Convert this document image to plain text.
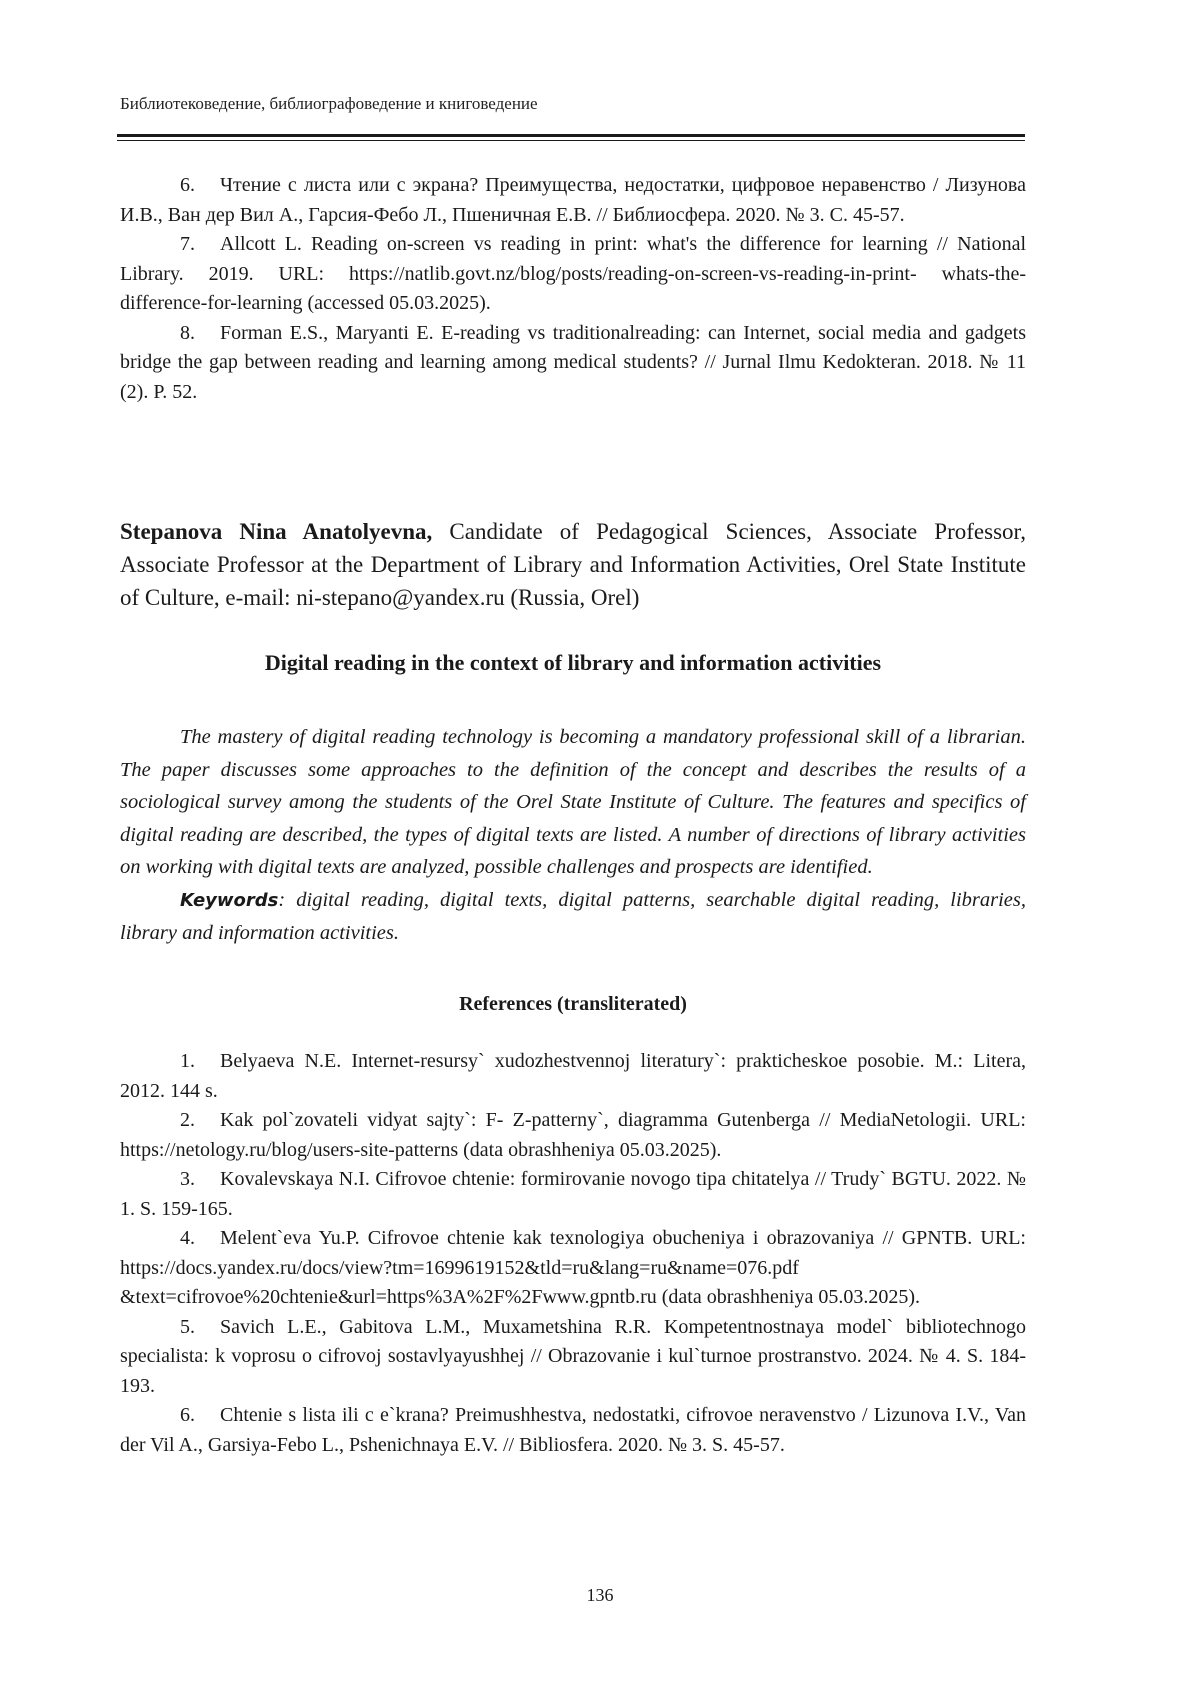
Библиотековедение, библиографоведение и книговедение

6. Чтение с листа или с экрана? Преимущества, недостатки, цифровое неравенство / Лизунова И.В., Ван дер Вил А., Гарсия-Фебо Л., Пшеничная Е.В. // Библиосфера. 2020. № 3. С. 45-57.

7. Allcott L. Reading on-screen vs reading in print: what's the difference for learning // National Library. 2019. URL: https://natlib.govt.nz/blog/posts/reading-on-screen-vs-reading-in-print- whats-the-difference-for-learning (accessed 05.03.2025).

8. Forman E.S., Maryanti E. E-reading vs traditionalreading: can Internet, social media and gadgets bridge the gap between reading and learning among medical students? // Jurnal Ilmu Kedokteran. 2018. № 11 (2). P. 52.

Stepanova Nina Anatolyevna, Candidate of Pedagogical Sciences, Associate Professor, Associate Professor at the Department of Library and Information Activities, Orel State Institute of Culture, e-mail: ni-stepano@yandex.ru (Russia, Orel)
Digital reading in the context of library and information activities

The mastery of digital reading technology is becoming a mandatory professional skill of a librarian. The paper discusses some approaches to the definition of the concept and describes the results of a sociological survey among the students of the Orel State Institute of Culture. The features and specifics of digital reading are described, the types of digital texts are listed. A number of directions of library activities on working with digital texts are analyzed, possible challenges and prospects are identified.

Keywords: digital reading, digital texts, digital patterns, searchable digital reading, libraries, library and information activities.

References (transliterated)

1. Belyaeva N.E. Internet-resursy` xudozhestvennoj literatury`: prakticheskoe posobie. M.: Litera, 2012. 144 s.

2. Kak pol`zovateli vidyat sajty`: F- Z-patterny`, diagramma Gutenberga // MediaNetologii. URL: https://netology.ru/blog/users-site-patterns (data obrashheniya 05.03.2025).

3. Kovalevskaya N.I. Cifrovoe chtenie: formirovanie novogo tipa chitatelya // Trudy` BGTU. 2022. № 1. S. 159-165.

4. Melent`eva Yu.P. Cifrovoe chtenie kak texnologiya obucheniya i obrazovaniya // GPNTB. URL: https://docs.yandex.ru/docs/view?tm=1699619152&tld=ru&lang=ru&name=076.pdf &text=cifrovoe%20chtenie&url=https%3A%2F%2Fwww.gpntb.ru (data obrashheniya 05.03.2025).

5. Savich L.E., Gabitova L.M., Muxametshina R.R. Kompetentnostnaya model` bibliotechnogo specialista: k voprosu o cifrovoj sostavlyayushhej // Obrazovanie i kul`turnoe prostranstvo. 2024. № 4. S. 184-193.

6. Chtenie s lista ili c e`krana? Preimushhestva, nedostatki, cifrovoe neravenstvo / Lizunova I.V., Van der Vil A., Garsiya-Febo L., Pshenichnaya E.V. // Bibliosfera. 2020. № 3. S. 45-57.

136
